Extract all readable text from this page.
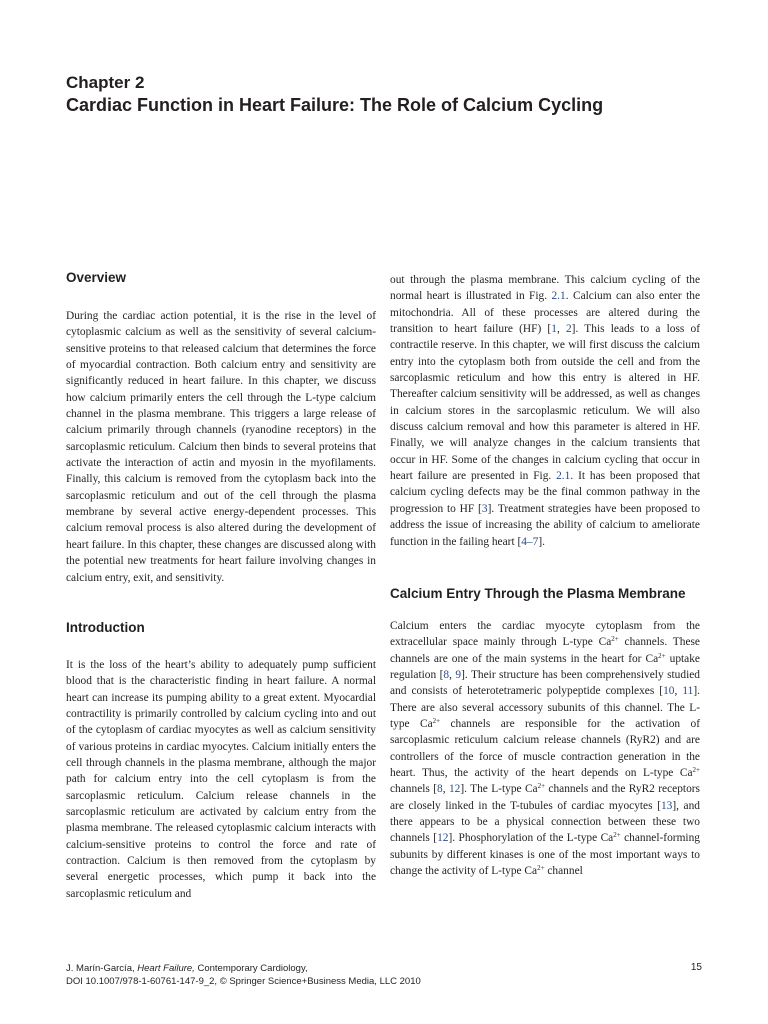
Chapter 2
Cardiac Function in Heart Failure: The Role of Calcium Cycling
Overview

During the cardiac action potential, it is the rise in the level of cytoplasmic calcium as well as the sensitivity of several calcium-sensitive proteins to that released calcium that determines the force of myocardial contraction. Both calcium entry and sensitivity are significantly reduced in heart failure. In this chapter, we discuss how calcium primarily enters the cell through the L-type calcium channel in the plasma membrane. This triggers a large release of calcium primarily through channels (ryanodine receptors) in the sarcoplasmic reticulum. Calcium then binds to several proteins that activate the interaction of actin and myosin in the myofilaments. Finally, this calcium is removed from the cytoplasm back into the sarcoplasmic reticulum and out of the cell through the plasma membrane by several active energy-dependent processes. This calcium removal process is also altered during the development of heart failure. In this chapter, these changes are discussed along with the potential new treatments for heart failure involving changes in calcium entry, exit, and sensitivity.

Introduction

It is the loss of the heart’s ability to adequately pump sufficient blood that is the characteristic finding in heart failure. A normal heart can increase its pumping ability to a great extent. Myocardial contractility is primarily controlled by calcium cycling into and out of the cytoplasm of cardiac myocytes as well as calcium sensitivity of various proteins in cardiac myocytes. Calcium initially enters the cell through channels in the plasma membrane, although the major path for calcium entry into the cell cytoplasm is from the sarcoplasmic reticulum. Calcium release channels in the sarcoplasmic reticulum are activated by calcium entry from the plasma membrane. The released cytoplasmic calcium interacts with calcium-sensitive proteins to control the force and rate of contraction. Calcium is then removed from the cytoplasm by several energetic processes, which pump it back into the sarcoplasmic reticulum and

out through the plasma membrane. This calcium cycling of the normal heart is illustrated in Fig. 2.1. Calcium can also enter the mitochondria. All of these processes are altered during the transition to heart failure (HF) [1, 2]. This leads to a loss of contractile reserve. In this chapter, we will first discuss the calcium entry into the cytoplasm both from outside the cell and from the sarcoplasmic reticulum and how this entry is altered in HF. Thereafter calcium sensitivity will be addressed, as well as changes in calcium stores in the sarcoplasmic reticulum. We will also discuss calcium removal and how this parameter is altered in HF. Finally, we will analyze changes in the calcium transients that occur in HF. Some of the changes in calcium cycling that occur in heart failure are presented in Fig. 2.1. It has been proposed that calcium cycling defects may be the final common pathway in the progression to HF [3]. Treatment strategies have been proposed to address the issue of increasing the ability of calcium to ameliorate function in the failing heart [4–7].

Calcium Entry Through the Plasma Membrane

Calcium enters the cardiac myocyte cytoplasm from the extracellular space mainly through L-type $Ca^{2+}$ channels. These channels are one of the main systems in the heart for $Ca^{2+}$ uptake regulation [8, 9]. Their structure has been comprehensively studied and consists of heterotetrameric polypeptide complexes [10, 11]. There are also several accessory subunits of this channel. The L-type $Ca^{2+}$ channels are responsible for the activation of sarcoplasmic reticulum calcium release channels (RyR2) and are controllers of the force of muscle contraction generation in the heart. Thus, the activity of the heart depends on L-type $Ca^{2+}$ channels [8, 12]. The L-type $Ca^{2+}$ channels and the RyR2 receptors are closely linked in the T-tubules of cardiac myocytes [13], and there appears to be a physical connection between these two channels [12]. Phosphorylation of the L-type $Ca^{2+}$ channel-forming subunits by different kinases is one of the most important ways to change the activity of L-type $Ca^{2+}$ channel

J. Marín-García, Heart Failure, Contemporary Cardiology,
DOI 10.1007/978-1-60761-147-9_2, © Springer Science+Business Media, LLC 2010
15
